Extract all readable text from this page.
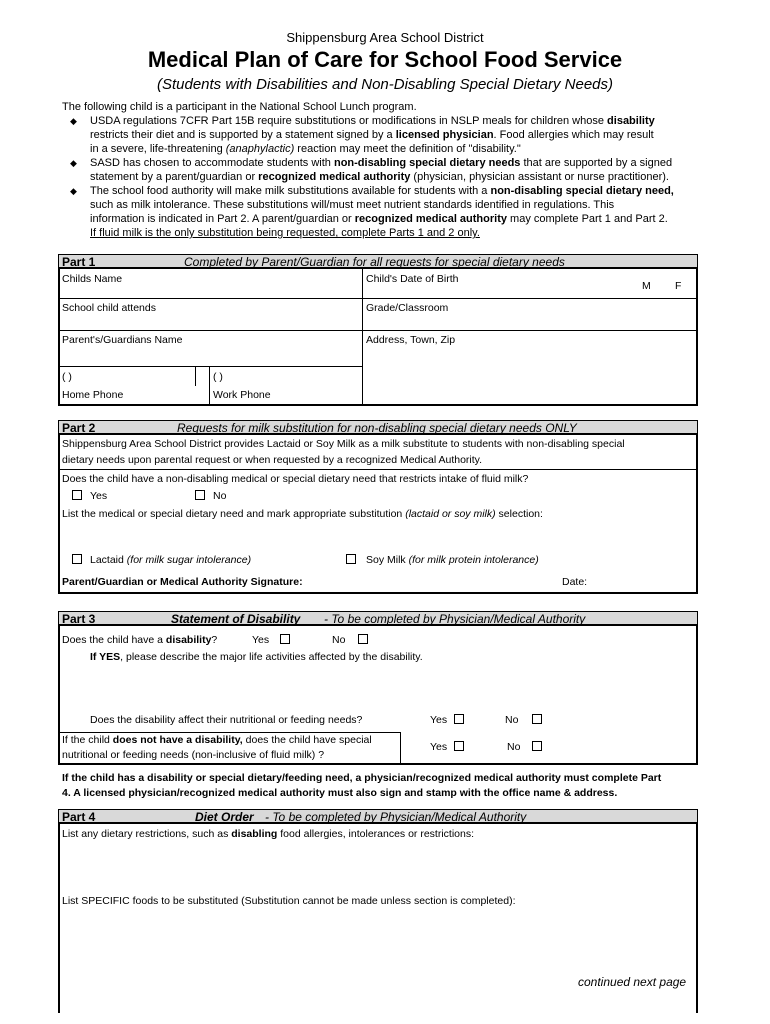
Shippensburg Area School District
Medical Plan of Care for School Food Service
(Students with Disabilities and Non-Disabling Special Dietary Needs)
The following child is a participant in the National School Lunch program.
◆ USDA regulations 7CFR Part 15B require substitutions or modifications in NSLP meals for children whose disability
restricts their diet and is supported by a statement signed by a licensed physician. Food allergies which may result
in a severe, life-threatening (anaphylactic) reaction may meet the definition of "disability."
◆ SASD has chosen to accommodate students with non-disabling special dietary needs that are supported by a signed
statement by a parent/guardian or recognized medical authority (physician, physician assistant or nurse practitioner).
◆ The school food authority will make milk substitutions available for students with a non-disabling special dietary need,
such as milk intolerance. These substitutions will/must meet nutrient standards identified in regulations. This
information is indicated in Part 2. A parent/guardian or recognized medical authority may complete Part 1 and Part 2.
If fluid milk is the only substitution being requested, complete Parts 1 and 2 only.
Part 1	Completed by Parent/Guardian for all requests for special dietary needs
Childs Name	Child's Date of Birth
M F
School child attends	Grade/Classroom
Parent's/Guardians Name	Address, Town, Zip
( )	( )
Home Phone	Work Phone
Part 2	Requests for milk substitution for non-disabling special dietary needs ONLY
Shippensburg Area School District provides Lactaid or Soy Milk as a milk substitute to students with non-disabling special
dietary needs upon parental request or when requested by a recognized Medical Authority.
Does the child have a non-disabling medical or special dietary need that restricts intake of fluid milk?
Yes	No
List the medical or special dietary need and mark appropriate substitution (lactaid or soy milk) selection:
Lactaid (for milk sugar intolerance)	Soy Milk (for milk protein intolerance)
Parent/Guardian or Medical Authority Signature:	Date:
Part 3	Statement of Disability - To be completed by Physician/Medical Authority
Does the child have a disability?	Yes	No
If YES, please describe the major life activities affected by the disability.
Does the disability affect their nutritional or feeding needs?	Yes	No
If the child does not have a disability, does the child have special
nutritional or feeding needs (non-inclusive of fluid milk) ?
Yes	No
If the child has a disability or special dietary/feeding need, a physician/recognized medical authority must complete Part
4. A licensed physician/recognized medical authority must also sign and stamp with the office name & address.
Part 4	Diet Order - To be completed by Physician/Medical Authority
List any dietary restrictions, such as disabling food allergies, intolerances or restrictions:
List SPECIFIC foods to be substituted (Substitution cannot be made unless section is completed):
continued next page
